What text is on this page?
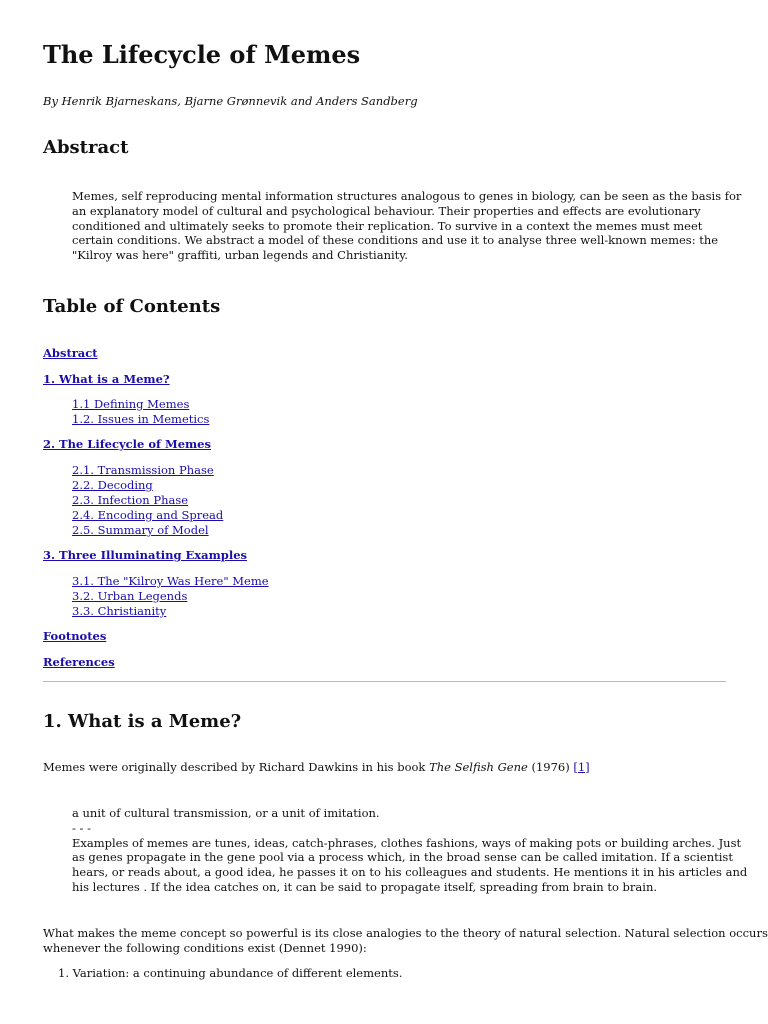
The Lifecycle of Memes
By Henrik Bjarneskans, Bjarne Grønnevik and Anders Sandberg
Abstract
Memes, self reproducing mental information structures analogous to genes in biology, can be seen as the basis for
an explanatory model of cultural and psychological behaviour. Their properties and effects are evolutionary
conditioned and ultimately seeks to promote their replication. To survive in a context the memes must meet
certain conditions. We abstract a model of these conditions and use it to analyse three well-known memes: the
"Kilroy was here" graffiti, urban legends and Christianity.
Table of Contents
Abstract
1. What is a Meme?
1.1 Defining Memes
1.2. Issues in Memetics
2. The Lifecycle of Memes
2.1. Transmission Phase
2.2. Decoding
2.3. Infection Phase
2.4. Encoding and Spread
2.5. Summary of Model
3. Three Illuminating Examples
3.1. The "Kilroy Was Here" Meme
3.2. Urban Legends
3.3. Christianity
Footnotes
References
1. What is a Meme?
Memes were originally described by Richard Dawkins in his book The Selfish Gene (1976) [1]
a unit of cultural transmission, or a unit of imitation.
- - -
Examples of memes are tunes, ideas, catch-phrases, clothes fashions, ways of making pots or building arches. Just
as genes propagate in the gene pool via a process which, in the broad sense can be called imitation. If a scientist
hears, or reads about, a good idea, he passes it on to his colleagues and students. He mentions it in his articles and
his lectures . If the idea catches on, it can be said to propagate itself, spreading from brain to brain.
What makes the meme concept so powerful is its close analogies to the theory of natural selection. Natural selection occurs
whenever the following conditions exist (Dennet 1990):
1. Variation: a continuing abundance of different elements.
